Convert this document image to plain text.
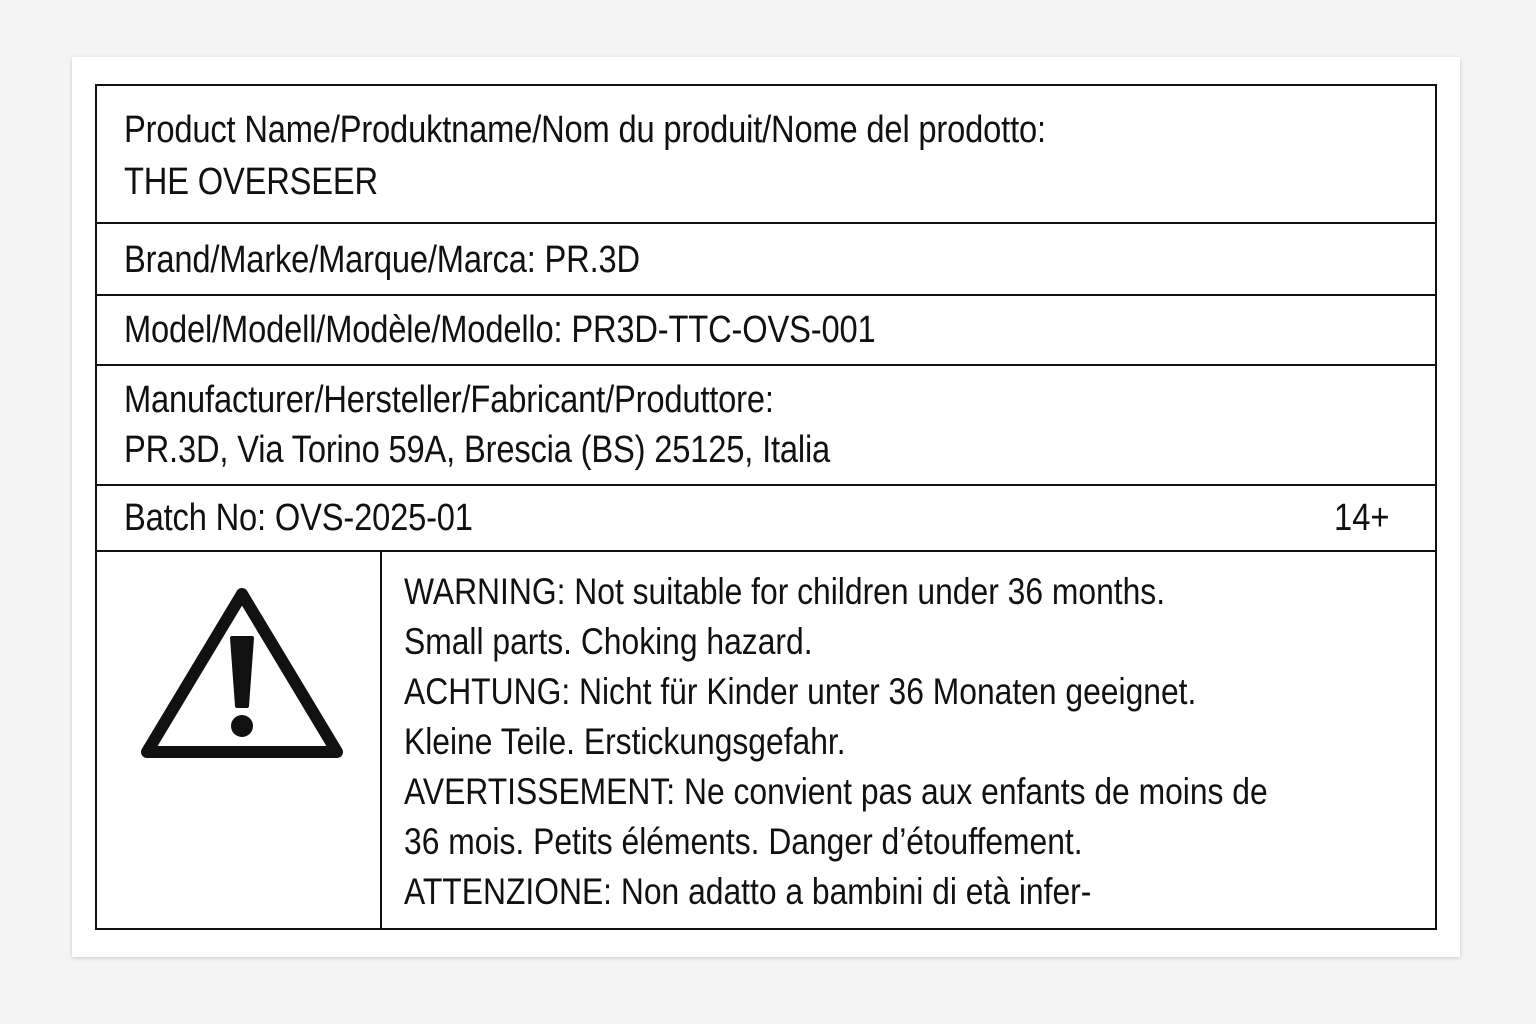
Product Name/Produktname/Nom du produit/Nome del prodotto:
THE OVERSEER
Brand/Marke/Marque/Marca: PR.3D
Model/Modell/Modèle/Modello: PR3D-TTC-OVS-001
Manufacturer/Hersteller/Fabricant/Produttore:
PR.3D, Via Torino 59A, Brescia (BS) 25125, Italia
Batch No: OVS-2025-01	14+
WARNING: Not suitable for children under 36 months.
Small parts. Choking hazard.
ACHTUNG: Nicht für Kinder unter 36 Monaten geeignet.
Kleine Teile. Erstickungsgefahr.
AVERTISSEMENT: Ne convient pas aux enfants de moins de
36 mois. Petits éléments. Danger d’étouffement.
ATTENZIONE: Non adatto a bambini di età infer-
